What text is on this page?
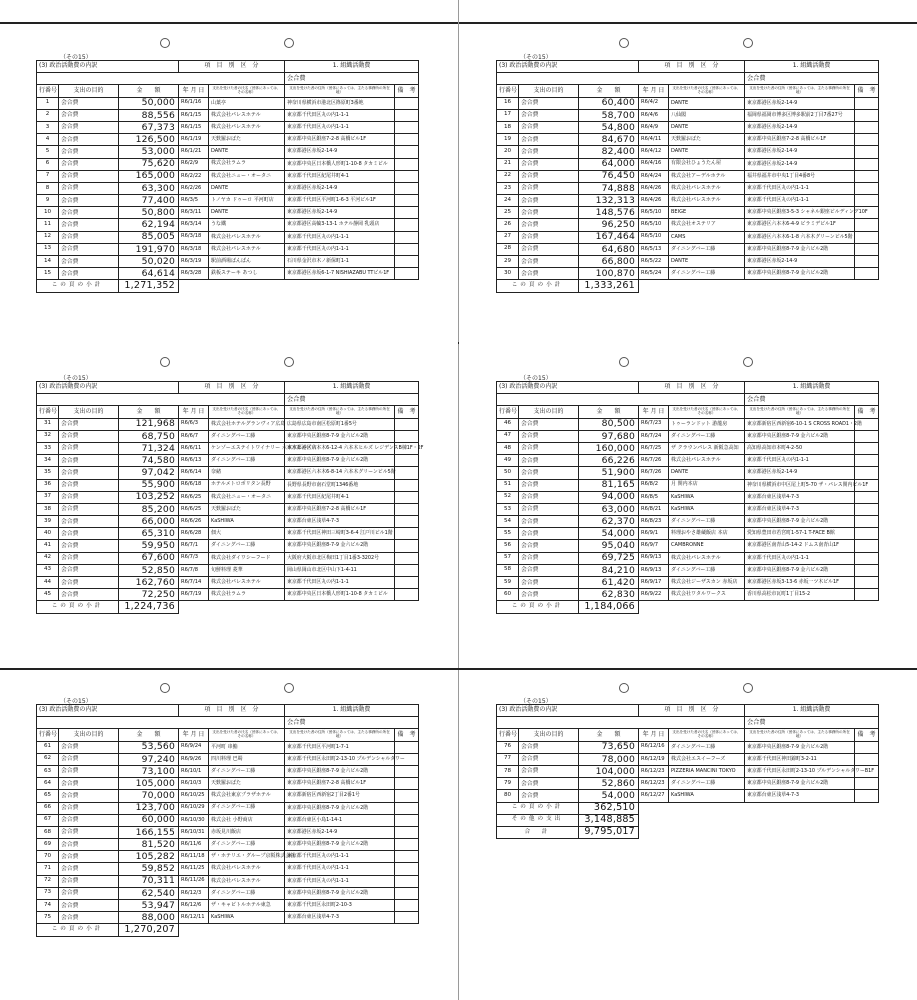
（その15）
(3) 政治活動費の内訳			項　目　別　区　分		1. 組織活動費	
					会合費	
行番号	支出の目的	金　　額	年 月 日	支出を受けた者の氏名（団体にあっては、その名称）	支出を受けた者の住所（団体にあっては、主たる事務所の所在地）	備　考
1	会合費	50,000	R6/1/16	山葉亭	神奈川県横浜市港北区篠原町3番地	
2	会合費	88,556	R6/1/15	株式会社パレスホテル	東京都千代田区丸の内1-1-1	
3	会合費	67,373	R6/1/15	株式会社パレスホテル	東京都千代田区丸の内1-1-1	
4	会合費	126,500	R6/1/19	天麩羅おばた	東京都中央区銀座7-2-8 高橋ビル1F	
5	会合費	53,000	R6/1/21	DANTE	東京都港区赤坂2-14-9	
6	会合費	75,620	R6/2/9	株式会社ラムラ	東京都中央区日本橋人形町1-10-8 タカミビル	
7	会合費	165,000	R6/2/22	株式会社ニュー・オータニ	東京都千代田区紀尾井町4-1	
8	会合費	63,300	R6/2/26	DANTE	東京都港区赤坂2-14-9	
9	会合費	77,400	R6/3/5	トノヤカ ドゥーロ 平河町店	東京都千代田区平河町1-6-3 平河ビル1F	
10	会合費	50,800	R6/3/11	DANTE	東京都港区赤坂2-14-9	
11	会合費	62,194	R6/3/14	うな鐵	東京都港区高輪3-13-1 ホテル静岡 乳頭店	
12	会合費	85,005	R6/3/18	株式会社パレスホテル	東京都千代田区丸の内1-1-1	
13	会合費	191,970	R6/3/18	株式会社パレスホテル	東京都千代田区丸の内1-1-1	
14	会合費	50,020	R6/3/19	駅前酒場ばんぱん	石川県金沢市木ノ新保町1-1	
15	会合費	64,614	R6/3/28	鉄板ステーキ あつし	東京都港区赤坂6-1-7 NISHIAZABU TTビル1F	
この頁の小計		1,271,352				
（その15）
(3) 政治活動費の内訳			項　目　別　区　分		1. 組織活動費	
					会合費	
行番号	支出の目的	金　　額	年 月 日	支出を受けた者の氏名（団体にあっては、その名称）	支出を受けた者の住所（団体にあっては、主たる事務所の所在地）	備　考
16	会合費	60,400	R6/4/2	DANTE	東京都港区赤坂2-14-9	
17	会合費	58,700	R6/4/6	八仙閣	福岡県福岡市博多区博多駅前2丁目7番27号	
18	会合費	54,800	R6/4/9	DANTE	東京都港区赤坂2-14-9	
19	会合費	84,670	R6/4/11	天麩羅おばた	東京都中央区銀座7-2-8 高橋ビル1F	
20	会合費	82,400	R6/4/12	DANTE	東京都港区赤坂2-14-9	
21	会合費	64,000	R6/4/16	有限会社ひょうたん屋	東京都港区赤坂2-14-9	
22	会合費	76,450	R6/4/24	株式会社アーデルホテル	福井県福井市中央1丁目4番8号	
23	会合費	74,888	R6/4/26	株式会社パレスホテル	東京都千代田区丸の内1-1-1	
24	会合費	132,313	R6/4/26	株式会社パレスホテル	東京都千代田区丸の内1-1-1	
25	会合費	148,576	R6/5/10	BEIGE	東京都中央区銀座3-5-3 シャネル銀座ビルディング10F	
26	会合費	96,250	R6/5/10	株式会社オステリア	東京都港区六本木6-4-9 ピラミデビル1F	
27	会合費	167,464	R6/5/10	CAMS	東京都港区六本木6-1-8 六本木グリーンビル5階	
28	会合費	64,680	R6/5/13	ダイニングバー工藤	東京都中央区銀座8-7-9 金六ビル2階	
29	会合費	66,800	R6/5/22	DANTE	東京都港区赤坂2-14-9	
30	会合費	100,870	R6/5/24	ダイニングバー工藤	東京都中央区銀座8-7-9 金六ビル2階	
この頁の小計		1,333,261				
（その15）
(3) 政治活動費の内訳			項　目　別　区　分		1. 組織活動費	
					会合費	
行番号	支出の目的	金　　額	年 月 日	支出を受けた者の氏名（団体にあっては、その名称）	支出を受けた者の住所（団体にあっては、主たる事務所の所在地）	備　考
31	会合費	121,968	R6/6/3	株式会社ホテルグランヴィア広島	広島県広島市南区松原町1番5号	
32	会合費	68,750	R6/6/7	ダイニングバー工藤	東京都中央区銀座8-7-9 金六ビル2階	
33	会合費	71,324	R6/6/11	ケンゾーエステイトワイナリー 六本木ヒルズ店	東京都港区六本木6-12-4 六本木ヒルズ レジデンスB棟1F・2F	
34	会合費	74,580	R6/6/13	ダイニングバー工藤	東京都中央区銀座8-7-9 金六ビル2階	
35	会合費	97,042	R6/6/14	奈緒	東京都港区六本木6-8-14 六本木グリーンビル5階	
36	会合費	55,900	R6/6/18	ホテルメトロポリタン長野	長野県長野市南石堂町1346番地	
37	会合費	103,252	R6/6/25	株式会社ニュー・オータニ	東京都千代田区紀尾井町4-1	
38	会合費	85,200	R6/6/25	天麩羅おばた	東京都中央区銀座7-2-8 高橋ビル1F	
39	会合費	66,000	R6/6/26	KaSHIWA	東京都台東区浅草4-7-3	
40	会合費	65,310	R6/6/28	佃大	東京都千代田区神田三崎町3-6-4 江戸川ビル1階	
41	会合費	59,950	R6/7/1	ダイニングバー工藤	東京都中央区銀座8-7-9 金六ビル2階	
42	会合費	67,600	R6/7/3	株式会社ダイワシーフード	大阪府大阪市北区梅田1丁目1番3-3202号	
43	会合費	52,850	R6/7/8	旬鮮料理 菱華	岡山県岡山市北区中山下1-4-11	
44	会合費	162,760	R6/7/14	株式会社パレスホテル	東京都千代田区丸の内1-1-1	
45	会合費	72,250	R6/7/19	株式会社ラムラ	東京都中央区日本橋人形町1-10-8 タカミビル	
この頁の小計		1,224,736				
（その15）
(3) 政治活動費の内訳			項　目　別　区　分		1. 組織活動費	
					会合費	
行番号	支出の目的	金　　額	年 月 日	支出を受けた者の氏名（団体にあっては、その名称）	支出を受けた者の住所（団体にあっては、主たる事務所の所在地）	備　考
46	会合費	80,500	R6/7/23	トゥーランドット 游龍房	東京都新宿区西新宿6-10-1 S CROSS ROAD1・2階	
47	会合費	97,680	R6/7/24	ダイニングバー工藤	東京都中央区銀座8-7-9 金六ビル2階	
48	会合費	160,000	R6/7/25	ザ クラウンパレス 新阪急高知	高知県高知市本町4-2-50	
49	会合費	66,226	R6/7/26	株式会社パレスホテル	東京都千代田区丸の内1-1-1	
50	会合費	51,900	R6/7/26	DANTE	東京都港区赤坂2-14-9	
51	会合費	81,165	R6/8/2	月 関内本店	神奈川県横浜市中区尾上町5-70 ザ・パレス関内ビル1F	
52	会合費	94,000	R6/8/5	KaSHIWA	東京都台東区浅草4-7-3	
53	会合費	63,000	R6/8/21	KaSHIWA	東京都台東区浅草4-7-3	
54	会合費	62,370	R6/8/23	ダイニングバー工藤	東京都中央区銀座8-7-9 金六ビル2階	
55	会合費	54,000	R6/9/1	料理おやさ雄蔵飯店 本店	愛知県豊田市若宮町1-57-1 T-FACE B館	
56	会合費	95,040	R6/9/7	CAMBRONNE	東京都港区南青山5-14-2 ドムス南青山1F	
57	会合費	69,725	R6/9/13	株式会社パレスホテル	東京都千代田区丸の内1-1-1	
58	会合費	84,210	R6/9/13	ダイニングバー工藤	東京都中央区銀座8-7-9 金六ビル2階	
59	会合費	61,420	R6/9/17	株式会社ジーザスカン 赤坂店	東京都港区赤坂3-13-6 赤坂一ツ木ビル1F	
60	会合費	62,830	R6/9/22	株式会社ワタルワークス	香川県高松市瓦町1丁目15-2	
この頁の小計		1,184,066				
（その15）
(3) 政治活動費の内訳			項　目　別　区　分		1. 組織活動費	
					会合費	
行番号	支出の目的	金　　額	年 月 日	支出を受けた者の氏名（団体にあっては、その名称）	支出を受けた者の住所（団体にあっては、主たる事務所の所在地）	備　考
61	会合費	53,560	R6/9/24	平河町 串鮨	東京都千代田区平河町1-7-1	
62	会合費	97,240	R6/9/26	四川料理 巴蜀	東京都千代田区永田町2-13-10 プルデンシャルタワー	
63	会合費	73,100	R6/10/1	ダイニングバー工藤	東京都中央区銀座8-7-9 金六ビル2階	
64	会合費	105,000	R6/10/3	天麩羅おばた	東京都中央区銀座7-2-8 高橋ビル1F	
65	会合費	70,000	R6/10/25	株式会社東京プラザホテル	東京都新宿区西新宿2丁目2番1号	
66	会合費	123,700	R6/10/29	ダイニングバー工藤	東京都中央区銀座8-7-9 金六ビル2階	
67	会合費	60,000	R6/10/30	株式会社 小野商店	東京都台東区小島1-14-1	
68	会合費	166,155	R6/10/31	赤坂見川飯店	東京都港区赤坂2-14-9	
69	会合費	81,520	R6/11/6	ダイニングバー工藤	東京都中央区銀座8-7-9 金六ビル2階	
70	会合費	105,282	R6/11/18	ザ・ホテリエ・グループ京阪株式会社	東京都千代田区丸の内1-1-1	
71	会合費	59,852	R6/11/25	株式会社パレスホテル	東京都千代田区丸の内1-1-1	
72	会合費	70,311	R6/11/26	株式会社パレスホテル	東京都千代田区丸の内1-1-1	
73	会合費	62,540	R6/12/3	ダイニングバー工藤	東京都中央区銀座8-7-9 金六ビル2階	
74	会合費	53,947	R6/12/6	ザ・キャピトルホテル東急	東京都千代田区永田町2-10-3	
75	会合費	88,000	R6/12/11	KaSHIWA	東京都台東区浅草4-7-3	
この頁の小計		1,270,207				
（その15）
(3) 政治活動費の内訳			項　目　別　区　分		1. 組織活動費	
					会合費	
行番号	支出の目的	金　　額	年 月 日	支出を受けた者の氏名（団体にあっては、その名称）	支出を受けた者の住所（団体にあっては、主たる事務所の所在地）	備　考
76	会合費	73,650	R6/12/16	ダイニングバー工藤	東京都中央区銀座8-7-9 金六ビル2階	
77	会合費	78,000	R6/12/19	株式会社エスイーフーズ	東京都千代田区神田錦町3-2-11	
78	会合費	104,000	R6/12/23	PIZZERIA MANCINI TOKYO	東京都千代田区永田町2-13-10 プルデンシャルタワーB1F	
79	会合費	52,860	R6/12/23	ダイニングバー工藤	東京都中央区銀座8-7-9 金六ビル2階	
80	会合費	54,000	R6/12/27	KaSHIWA	東京都台東区浅草4-7-3	
この頁の小計		362,510				
その他の支出		3,148,885				
合　計		9,795,017				
